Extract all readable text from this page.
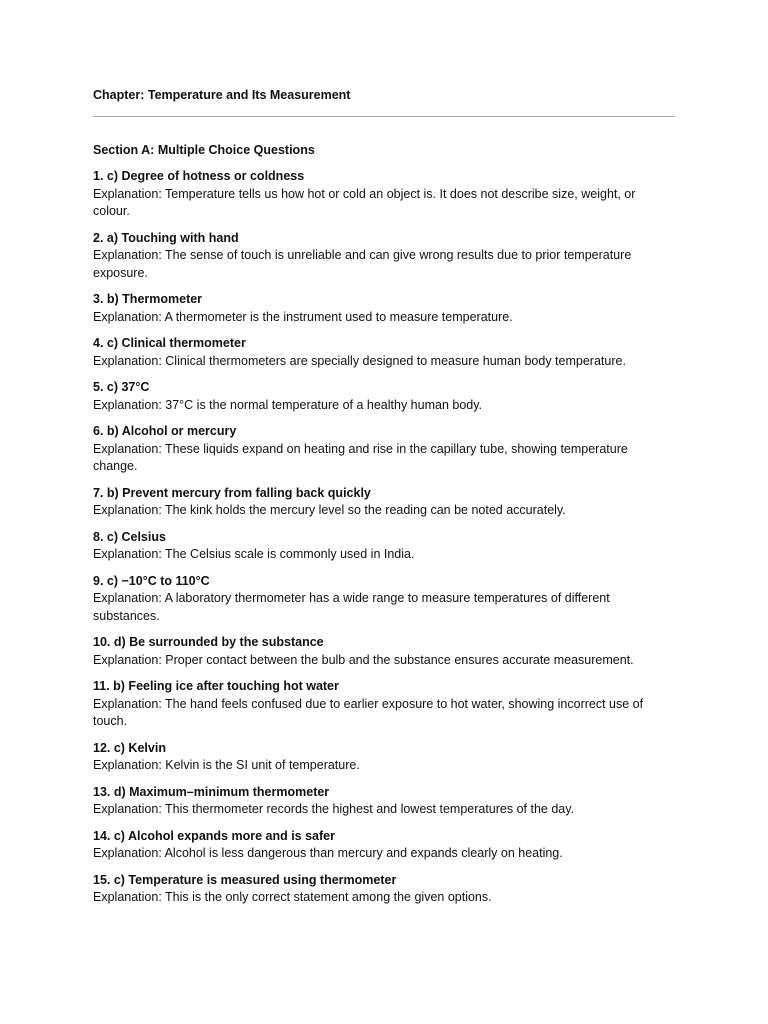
Chapter: Temperature and Its Measurement
Section A: Multiple Choice Questions
1. c) Degree of hotness or coldness
Explanation: Temperature tells us how hot or cold an object is. It does not describe size, weight, or colour.
2. a) Touching with hand
Explanation: The sense of touch is unreliable and can give wrong results due to prior temperature exposure.
3. b) Thermometer
Explanation: A thermometer is the instrument used to measure temperature.
4. c) Clinical thermometer
Explanation: Clinical thermometers are specially designed to measure human body temperature.
5. c) 37°C
Explanation: 37°C is the normal temperature of a healthy human body.
6. b) Alcohol or mercury
Explanation: These liquids expand on heating and rise in the capillary tube, showing temperature change.
7. b) Prevent mercury from falling back quickly
Explanation: The kink holds the mercury level so the reading can be noted accurately.
8. c) Celsius
Explanation: The Celsius scale is commonly used in India.
9. c) −10°C to 110°C
Explanation: A laboratory thermometer has a wide range to measure temperatures of different substances.
10. d) Be surrounded by the substance
Explanation: Proper contact between the bulb and the substance ensures accurate measurement.
11. b) Feeling ice after touching hot water
Explanation: The hand feels confused due to earlier exposure to hot water, showing incorrect use of touch.
12. c) Kelvin
Explanation: Kelvin is the SI unit of temperature.
13. d) Maximum–minimum thermometer
Explanation: This thermometer records the highest and lowest temperatures of the day.
14. c) Alcohol expands more and is safer
Explanation: Alcohol is less dangerous than mercury and expands clearly on heating.
15. c) Temperature is measured using thermometer
Explanation: This is the only correct statement among the given options.
